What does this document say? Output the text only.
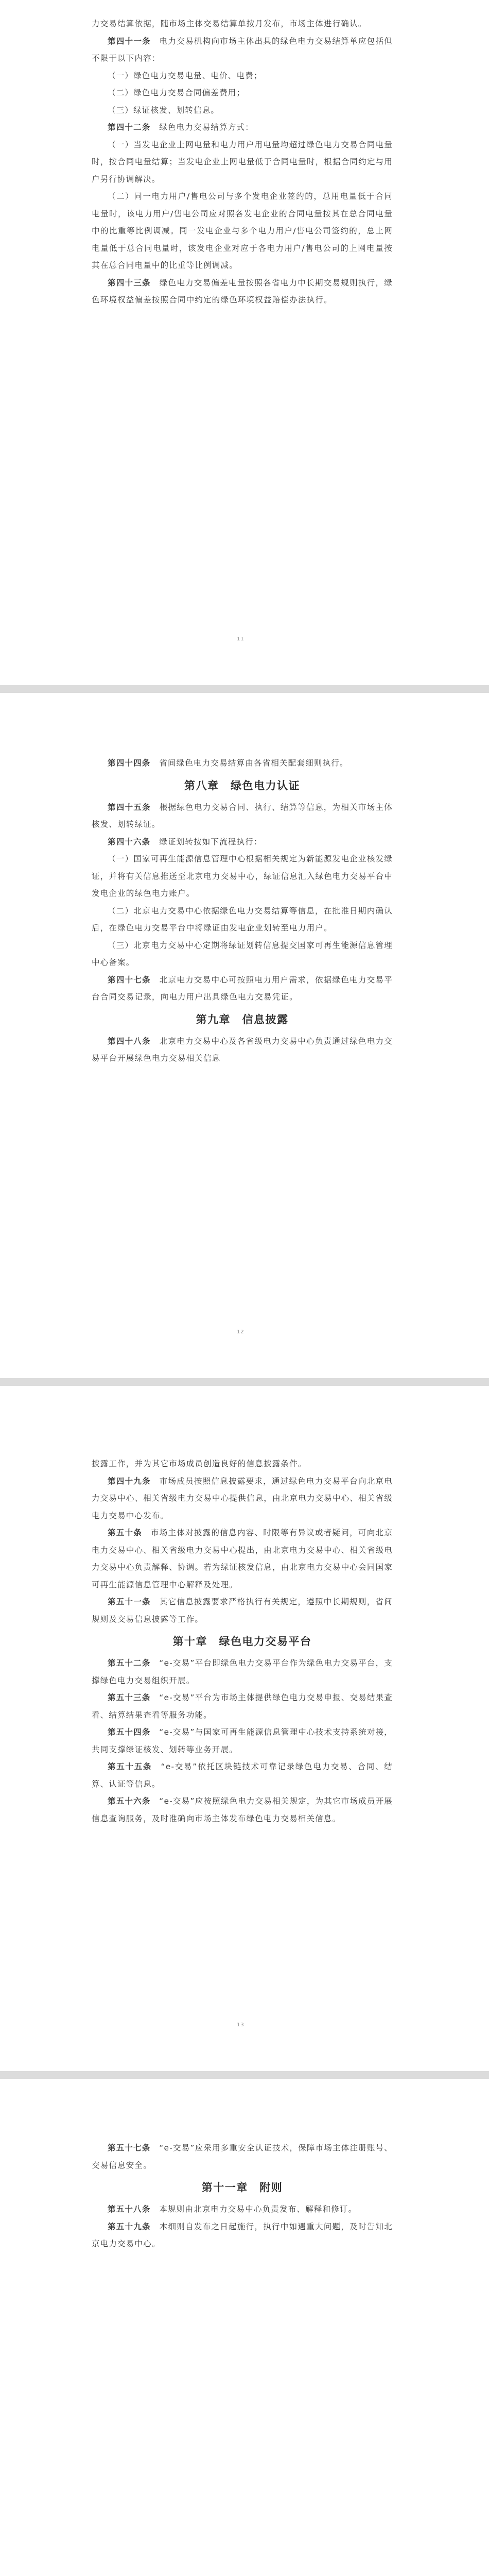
力交易结算依据，随市场主体交易结算单按月发布，市场主体进行确认。

第四十一条　 电力交易机构向市场主体出具的绿色电力交易结算单应包括但不限于以下内容：

（一）绿色电力交易电量、电价、电费；

（二）绿色电力交易合同偏差费用；

（三）绿证核发、划转信息。

第四十二条　 绿色电力交易结算方式：

（一）当发电企业上网电量和电力用户用电量均超过绿色电力交易合同电量时，按合同电量结算；当发电企业上网电量低于合同电量时，根据合同约定与用户另行协调解决。

（二）同一电力用户/售电公司与多个发电企业签约的，总用电量低于合同电量时，该电力用户/售电公司应对照各发电企业的合同电量按其在总合同电量中的比重等比例调减。同一发电企业与多个电力用户/售电公司签约的，总上网电量低于总合同电量时，该发电企业对应于各电力用户/售电公司的上网电量按其在总合同电量中的比重等比例调减。

第四十三条　 绿色电力交易偏差电量按照各省电力中长期交易规则执行，绿色环境权益偏差按照合同中约定的绿色环境权益赔偿办法执行。

11

第四十四条　 省间绿色电力交易结算由各省相关配套细则执行。

第八章　绿色电力认证

第四十五条　 根据绿色电力交易合同、执行、结算等信息，为相关市场主体核发、划转绿证。

第四十六条　 绿证划转按如下流程执行：

（一）国家可再生能源信息管理中心根据相关规定为新能源发电企业核发绿证，并将有关信息推送至北京电力交易中心，绿证信息汇入绿色电力交易平台中发电企业的绿色电力账户。

（二）北京电力交易中心依据绿色电力交易结算等信息，在批准日期内确认后，在绿色电力交易平台中将绿证由发电企业划转至电力用户。

（三）北京电力交易中心定期将绿证划转信息提交国家可再生能源信息管理中心备案。

第四十七条　 北京电力交易中心可按照电力用户需求，依据绿色电力交易平台合同交易记录，向电力用户出具绿色电力交易凭证。

第九章　信息披露

第四十八条　 北京电力交易中心及各省级电力交易中心负责通过绿色电力交易平台开展绿色电力交易相关信息

12

披露工作，并为其它市场成员创造良好的信息披露条件。

第四十九条　 市场成员按照信息披露要求，通过绿色电力交易平台向北京电力交易中心、相关省级电力交易中心提供信息，由北京电力交易中心、相关省级电力交易中心发布。

第五十条　 市场主体对披露的信息内容、时限等有异议或者疑问，可向北京电力交易中心、相关省级电力交易中心提出，由北京电力交易中心、相关省级电力交易中心负责解释、协调。若为绿证核发信息，由北京电力交易中心会同国家可再生能源信息管理中心解释及处理。

第五十一条　 其它信息披露要求严格执行有关规定，遵照中长期规则，省间规则及交易信息披露等工作。

第十章　绿色电力交易平台

第五十二条　 “e-交易”平台即绿色电力交易平台作为绿色电力交易平台，支撑绿色电力交易组织开展。

第五十三条　 “e-交易”平台为市场主体提供绿色电力交易申报、交易结果查看、结算结果查看等服务功能。

第五十四条　 “e-交易”与国家可再生能源信息管理中心技术支持系统对接，共同支撑绿证核发、划转等业务开展。

第五十五条　 “e-交易”依托区块链技术可靠记录绿色电力交易、合同、结算、认证等信息。

第五十六条　 “e-交易”应按照绿色电力交易相关规定，为其它市场成员开展信息查询服务，及时准确向市场主体发布绿色电力交易相关信息。

13

第五十七条　 “e-交易”应采用多重安全认证技术，保障市场主体注册账号、交易信息安全。

第十一章　附则

第五十八条　 本规则由北京电力交易中心负责发布、解释和修订。

第五十九条　 本细则自发布之日起施行，执行中如遇重大问题，及时告知北京电力交易中心。
